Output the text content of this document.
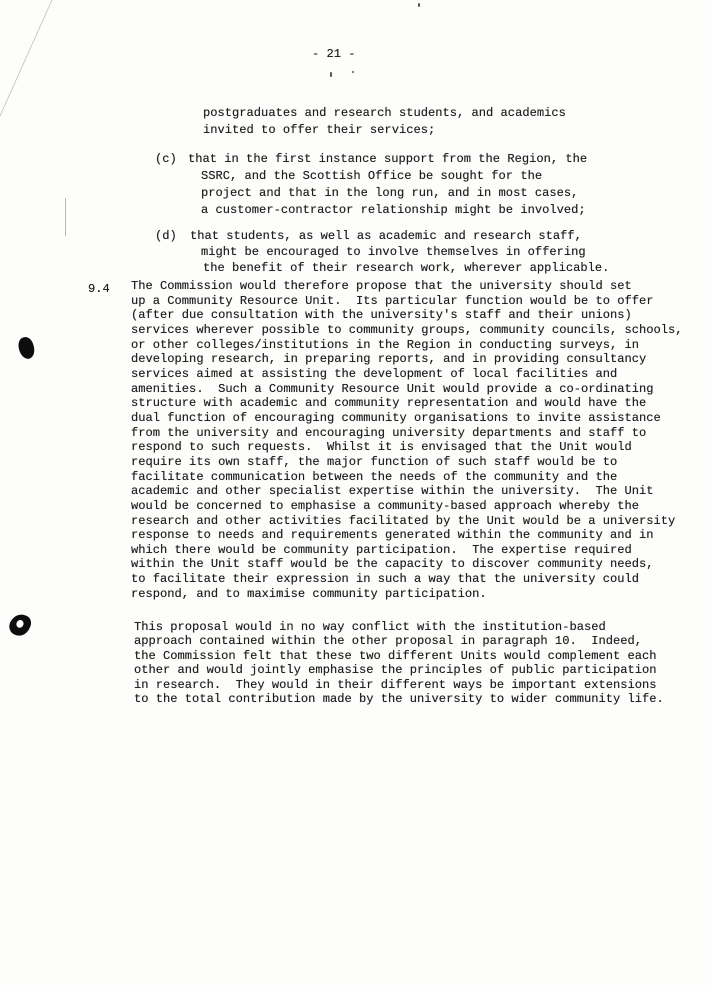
- 21 -
postgraduates and research students, and academics
invited to offer their services;
(c) that in the first instance support from the Region, the
SSRC, and the Scottish Office be sought for the
project and that in the long run, and in most cases,
a customer-contractor relationship might be involved;
(d) that students, as well as academic and research staff,
might be encouraged to involve themselves in offering
the benefit of their research work, wherever applicable.
9.4 The Commission would therefore propose that the university should set
up a Community Resource Unit.  Its particular function would be to offer
(after due consultation with the university's staff and their unions)
services wherever possible to community groups, community councils, schools,
or other colleges/institutions in the Region in conducting surveys, in
developing research, in preparing reports, and in providing consultancy
services aimed at assisting the development of local facilities and
amenities.  Such a Community Resource Unit would provide a co-ordinating
structure with academic and community representation and would have the
dual function of encouraging community organisations to invite assistance
from the university and encouraging university departments and staff to
respond to such requests.  Whilst it is envisaged that the Unit would
require its own staff, the major function of such staff would be to
facilitate communication between the needs of the community and the
academic and other specialist expertise within the university.  The Unit
would be concerned to emphasise a community-based approach whereby the
research and other activities facilitated by the Unit would be a university
response to needs and requirements generated within the community and in
which there would be community participation.  The expertise required
within the Unit staff would be the capacity to discover community needs,
to facilitate their expression in such a way that the university could
respond, and to maximise community participation.
This proposal would in no way conflict with the institution-based
approach contained within the other proposal in paragraph 10.  Indeed,
the Commission felt that these two different Units would complement each
other and would jointly emphasise the principles of public participation
in research.  They would in their different ways be important extensions
to the total contribution made by the university to wider community life.
